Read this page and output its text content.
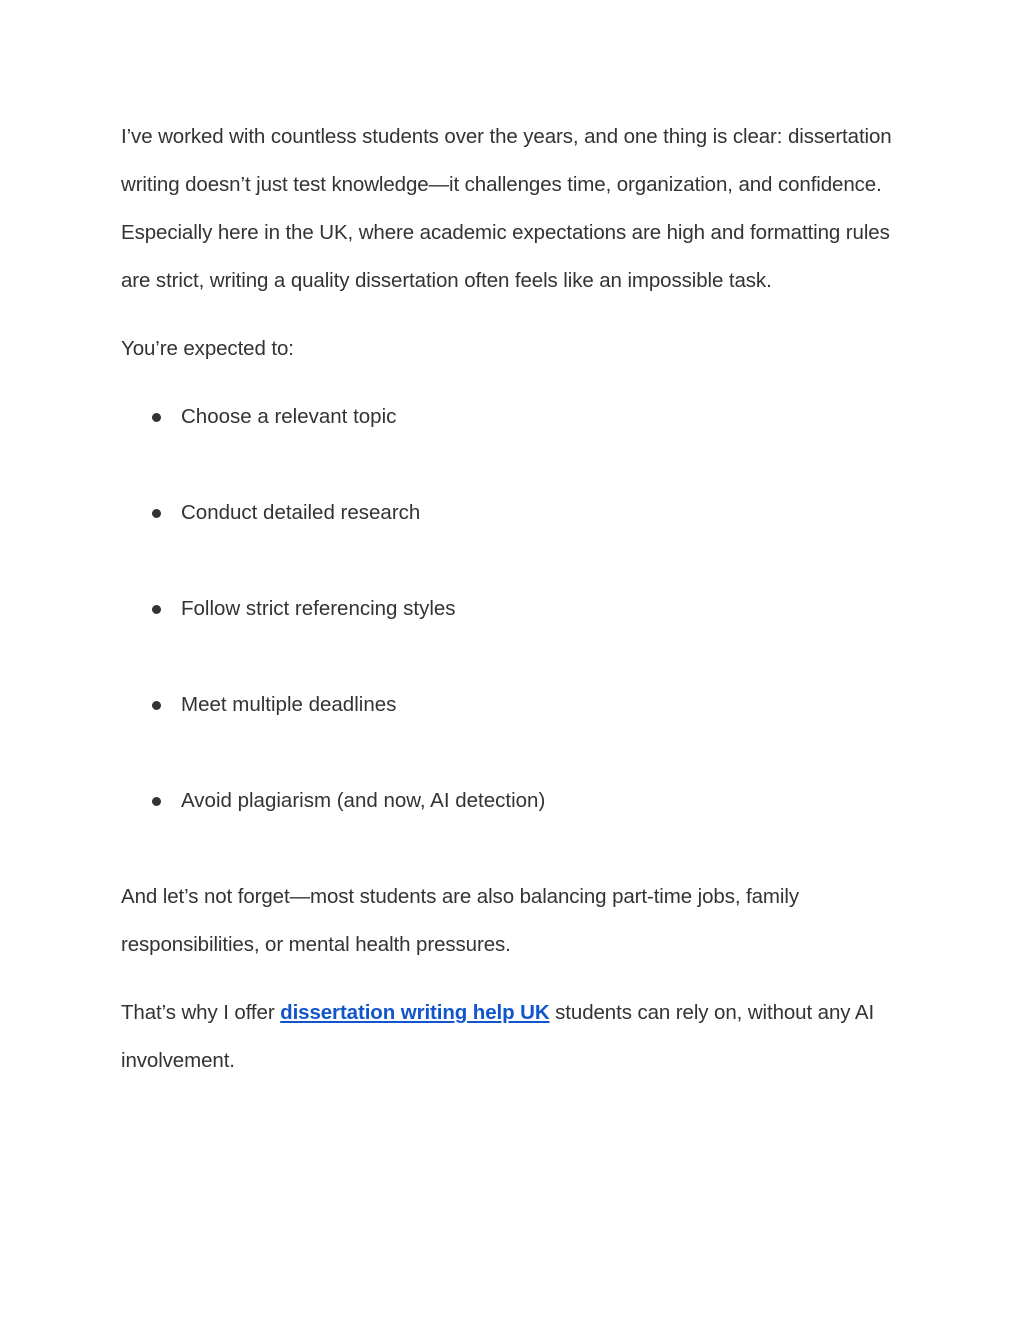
I’ve worked with countless students over the years, and one thing is clear: dissertation writing doesn’t just test knowledge—it challenges time, organization, and confidence. Especially here in the UK, where academic expectations are high and formatting rules are strict, writing a quality dissertation often feels like an impossible task.

You’re expected to:

Choose a relevant topic
Conduct detailed research
Follow strict referencing styles
Meet multiple deadlines
Avoid plagiarism (and now, AI detection)

And let’s not forget—most students are also balancing part-time jobs, family responsibilities, or mental health pressures.

That’s why I offer dissertation writing help UK students can rely on, without any AI involvement.
